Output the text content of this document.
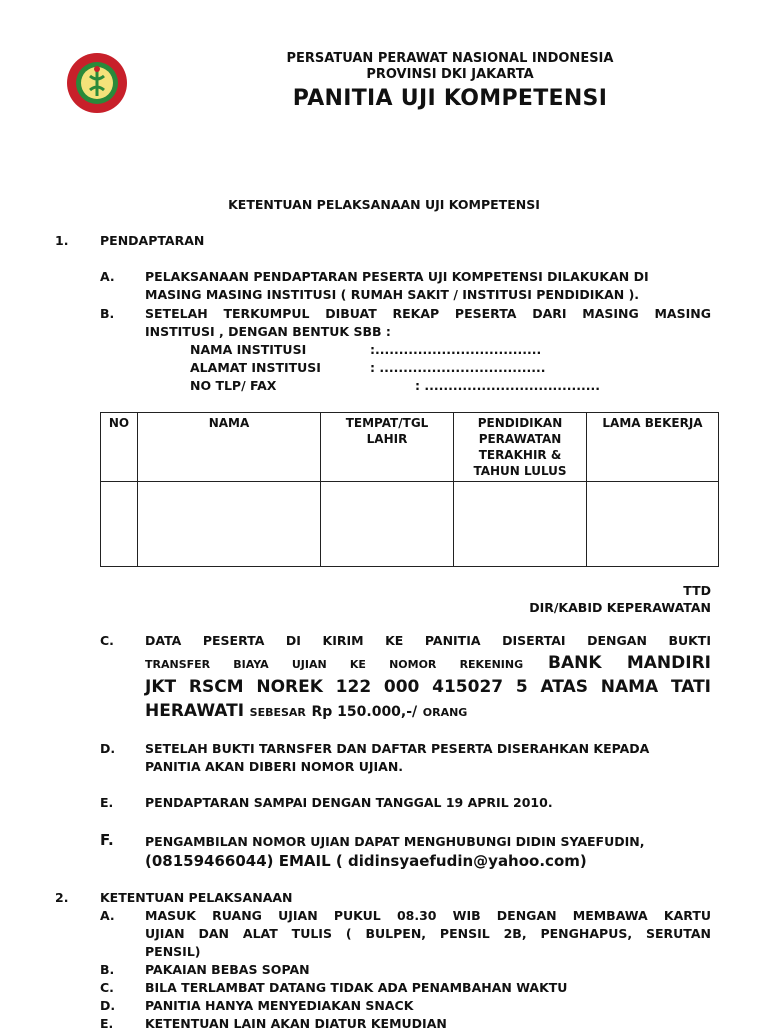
PERSATUAN PERAWAT NASIONAL INDONESIA
PROVINSI DKI JAKARTA
PANITIA UJI KOMPETENSI
KETENTUAN PELAKSANAAN UJI KOMPETENSI
1.	PENDAPTARAN
A. PELAKSANAAN PENDAPTARAN PESERTA UJI KOMPETENSI DILAKUKAN DI
MASING MASING INSTITUSI ( RUMAH SAKIT / INSTITUSI PENDIDIKAN ).
B. SETELAH TERKUMPUL DIBUAT REKAP PESERTA DARI MASING MASING
INSTITUSI , DENGAN BENTUK SBB :
NAMA INSTITUSI	:...................................
ALAMAT INSTITUSI	: ...................................
NO TLP/ FAX	: .....................................
NO	NAMA	TEMPAT/TGL LAHIR	PENDIDIKAN PERAWATAN TERAKHIR & TAHUN LULUS	LAMA BEKERJA

TTD
DIR/KABID KEPERAWATAN
C. DATA PESERTA DI KIRIM KE PANITIA DISERTAI DENGAN BUKTI
TRANSFER BIAYA UJIAN KE NOMOR REKENING BANK MANDIRI
JKT RSCM NOREK 122 000 415027 5 ATAS NAMA TATI
HERAWATI SEBESAR Rp 150.000,-/ ORANG
D. SETELAH BUKTI TARNSFER DAN DAFTAR PESERTA DISERAHKAN KEPADA
PANITIA AKAN DIBERI NOMOR UJIAN.
E.	PENDAPTARAN SAMPAI DENGAN TANGGAL 19 APRIL 2010.
F.	PENGAMBILAN NOMOR UJIAN DAPAT MENGHUBUNGI DIDIN SYAEFUDIN,
(08159466044) EMAIL ( didinsyaefudin@yahoo.com)
2.	KETENTUAN PELAKSANAAN
A. MASUK RUANG UJIAN PUKUL 08.30 WIB DENGAN MEMBAWA KARTU
UJIAN DAN ALAT TULIS ( BULPEN, PENSIL 2B, PENGHAPUS, SERUTAN
PENSIL)
B. PAKAIAN BEBAS SOPAN
C. BILA TERLAMBAT DATANG TIDAK ADA PENAMBAHAN WAKTU
D. PANITIA HANYA MENYEDIAKAN SNACK
E.	KETENTUAN LAIN AKAN DIATUR KEMUDIAN
